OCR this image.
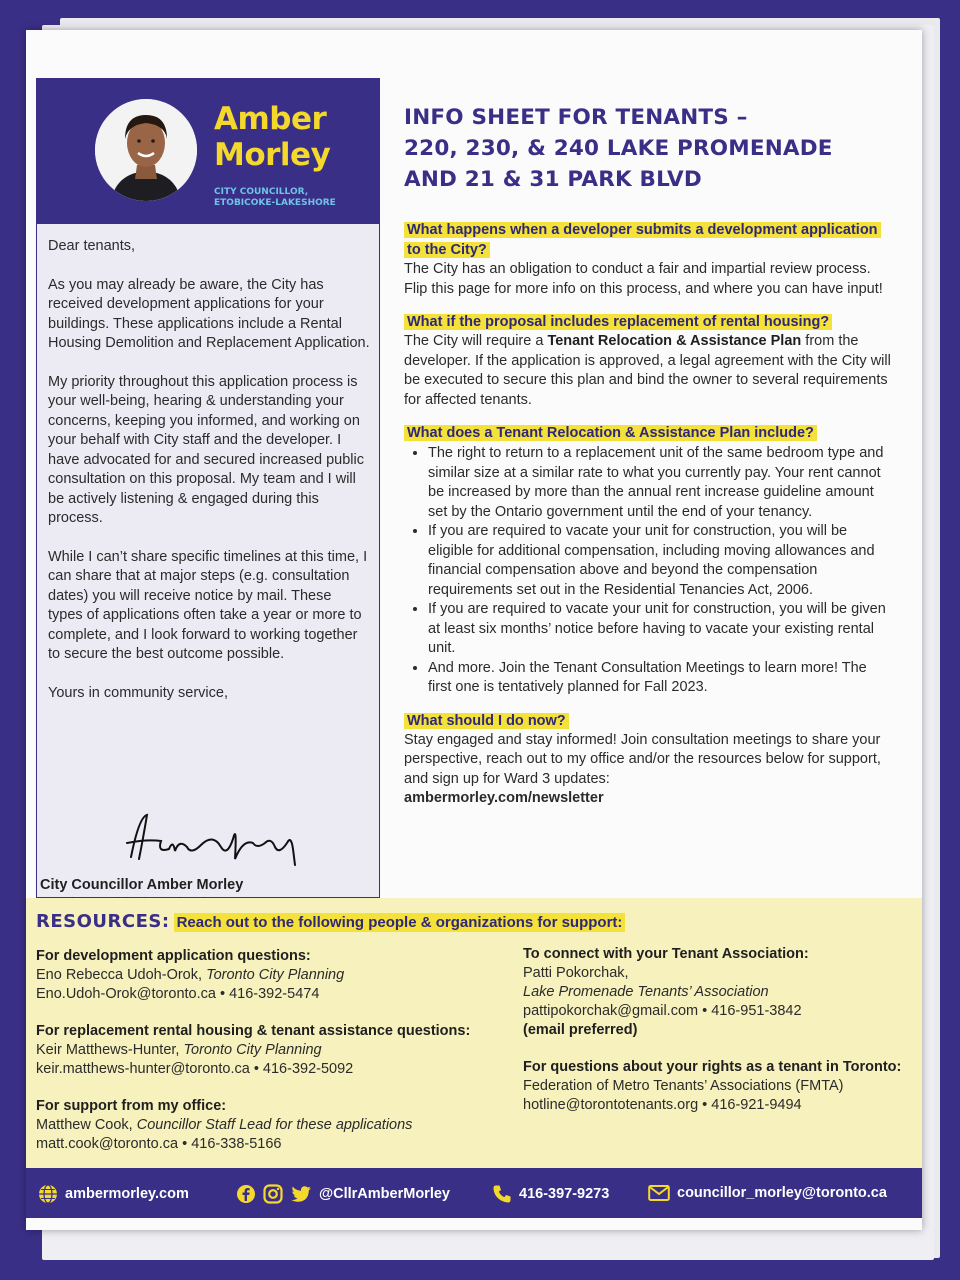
Amber
Morley
CITY COUNCILLOR,
ETOBICOKE-LAKESHORE

Dear tenants,

As you may already be aware, the City has received development applications for your buildings. These applications include a Rental Housing Demolition and Replacement Application.

My priority throughout this application process is your well-being, hearing & understanding your concerns, keeping you informed, and working on your behalf with City staff and the developer. I have advocated for and secured increased public consultation on this proposal. My team and I will be actively listening & engaged during this process.

While I can’t share specific timelines at this time, I can share that at major steps (e.g. consultation dates) you will receive notice by mail. These types of applications often take a year or more to complete, and I look forward to working together to secure the best outcome possible.

Yours in community service,

City Councillor Amber Morley
INFO SHEET FOR TENANTS –
220, 230, & 240 LAKE PROMENADE
AND 21 & 31 PARK BLVD
What happens when a developer submits a development application to the City?

The City has an obligation to conduct a fair and impartial review process. Flip this page for more info on this process, and where you can have input!

What if the proposal includes replacement of rental housing?

The City will require a Tenant Relocation & Assistance Plan from the developer. If the application is approved, a legal agreement with the City will be executed to secure this plan and bind the owner to several requirements for affected tenants.

What does a Tenant Relocation & Assistance Plan include?
• The right to return to a replacement unit of the same bedroom type and similar size at a similar rate to what you currently pay. Your rent cannot be increased by more than the annual rent increase guideline amount set by the Ontario government until the end of your tenancy.
• If you are required to vacate your unit for construction, you will be eligible for additional compensation, including moving allowances and financial compensation above and beyond the compensation requirements set out in the Residential Tenancies Act, 2006.
• If you are required to vacate your unit for construction, you will be given at least six months’ notice before having to vacate your existing rental unit.
• And more. Join the Tenant Consultation Meetings to learn more! The first one is tentatively planned for Fall 2023.
What should I do now?

Stay engaged and stay informed! Join consultation meetings to share your perspective, reach out to my office and/or the resources below for support, and sign up for Ward 3 updates:
ambermorley.com/newsletter

RESOURCES: Reach out to the following people & organizations for support:
For development application questions:
Eno Rebecca Udoh-Orok, Toronto City Planning
Eno.Udoh-Orok@toronto.ca • 416-392-5474
For replacement rental housing & tenant assistance questions:
Keir Matthews-Hunter, Toronto City Planning
keir.matthews-hunter@toronto.ca • 416-392-5092
For support from my office:
Matthew Cook, Councillor Staff Lead for these applications
matt.cook@toronto.ca • 416-338-5166
To connect with your Tenant Association:
Patti Pokorchak,
Lake Promenade Tenants’ Association
pattipokorchak@gmail.com • 416-951-3842
(email preferred)
For questions about your rights as a tenant in Toronto:
Federation of Metro Tenants’ Associations (FMTA)
hotline@torontotenants.org • 416-921-9494
ambermorley.com	@CllrAmberMorley	416-397-9273	councillor_morley@toronto.ca
